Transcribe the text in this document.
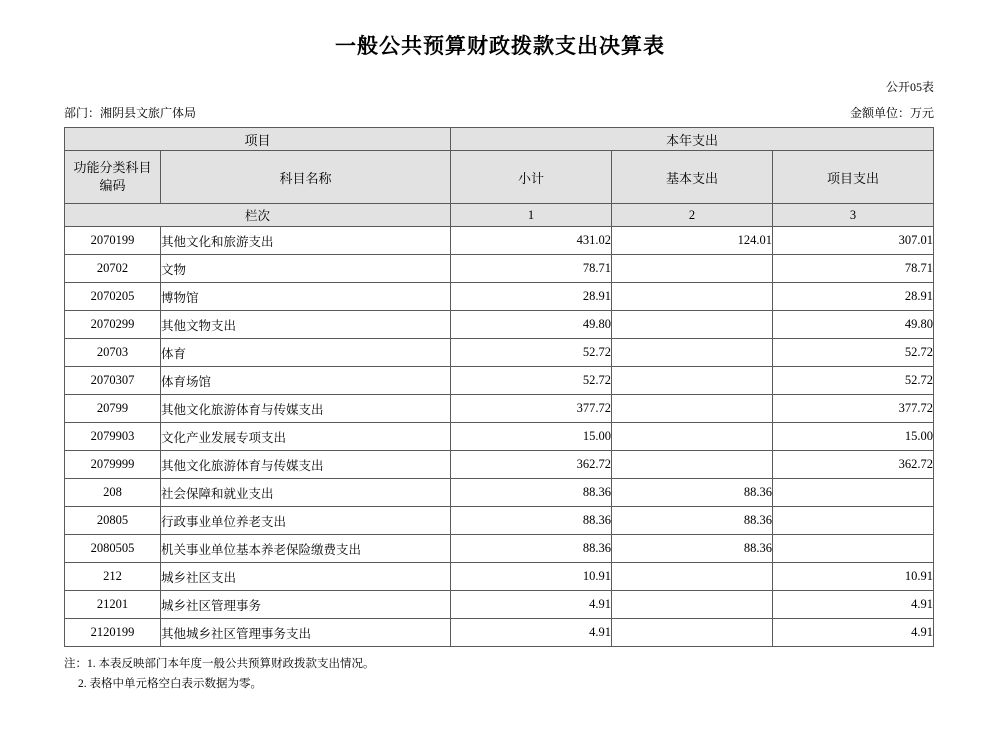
一般公共预算财政拨款支出决算表
公开05表
部门：湘阴县文旅广体局	金额单位：万元
项目		本年支出		

功能分类科目
编码	科目名称	小计	基本支出	项目支出
栏次		1	2	3
2070199	其他文化和旅游支出	431.02	124.01	307.01
20702	文物	78.71		78.71
2070205	博物馆	28.91		28.91
2070299	其他文物支出	49.80		49.80
20703	体育	52.72		52.72
2070307	体育场馆	52.72		52.72
20799	其他文化旅游体育与传媒支出	377.72		377.72
2079903	文化产业发展专项支出	15.00		15.00
2079999	其他文化旅游体育与传媒支出	362.72		362.72
208	社会保障和就业支出	88.36	88.36	
20805	行政事业单位养老支出	88.36	88.36	
2080505	机关事业单位基本养老保险缴费支出	88.36	88.36	
212	城乡社区支出	10.91		10.91
21201	城乡社区管理事务	4.91		4.91
2120199	其他城乡社区管理事务支出	4.91		4.91
注：1. 本表反映部门本年度一般公共预算财政拨款支出情况。
2. 表格中单元格空白表示数据为零。
